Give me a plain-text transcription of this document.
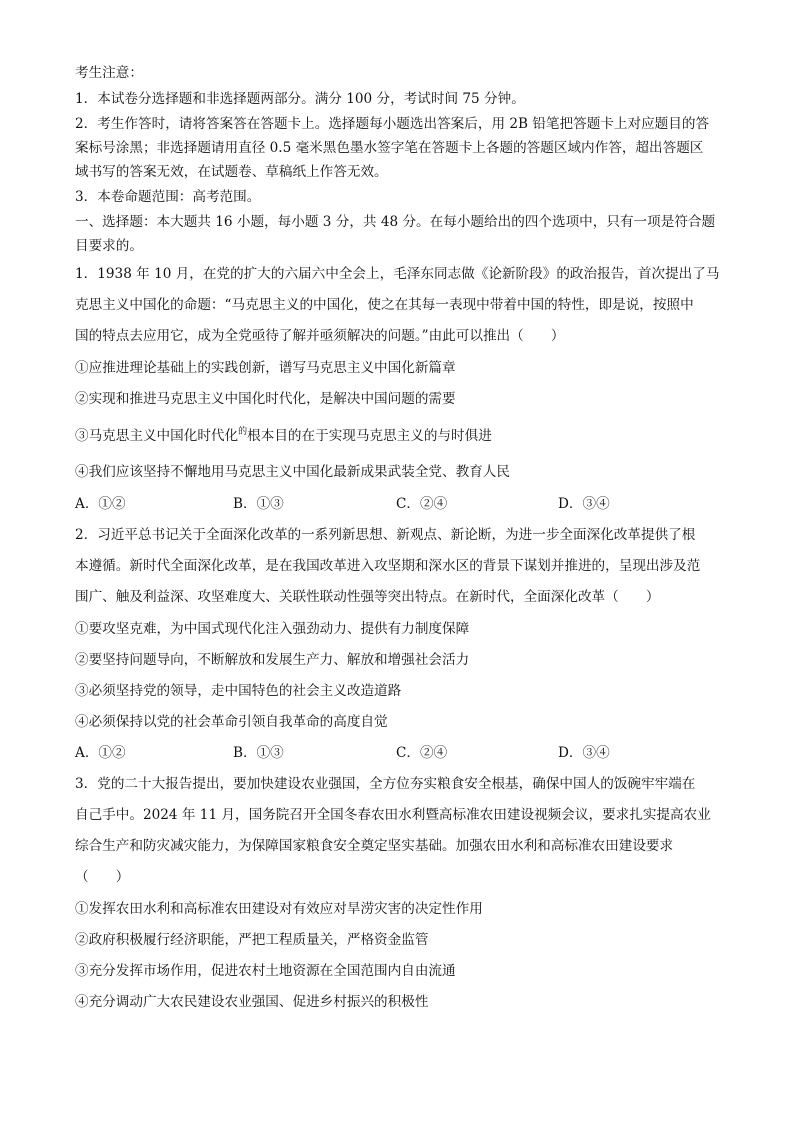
考生注意：
1．本试卷分选择题和非选择题两部分。满分 100 分，考试时间 75 分钟。
2．考生作答时，请将答案答在答题卡上。选择题每小题选出答案后，用 2B 铅笔把答题卡上对应题目的答
案标号涂黑；非选择题请用直径 0.5 毫米黑色墨水签字笔在答题卡上各题的答题区域内作答，超出答题区
域书写的答案无效，在试题卷、草稿纸上作答无效。
3．本卷命题范围：高考范围。
一、选择题：本大题共 16 小题，每小题 3 分，共 48 分。在每小题给出的四个选项中，只有一项是符合题
目要求的。
1．1938 年 10 月，在党的扩大的六届六中全会上，毛泽东同志做《论新阶段》的政治报告，首次提出了马
克思主义中国化的命题：“马克思主义的中国化，使之在其每一表现中带着中国的特性，即是说，按照中
国的特点去应用它，成为全党亟待了解并亟须解决的问题。”由此可以推出（　　）
①应推进理论基础上的实践创新，谱写马克思主义中国化新篇章
②实现和推进马克思主义中国化时代化，是解决中国问题的需要
③马克思主义中国化时代化$^的$根本目的在于实现马克思主义的与时俱进
④我们应该坚持不懈地用马克思主义中国化最新成果武装全党、教育人民
A．①②	B．①③	C．②④	D．③④
2．习近平总书记关于全面深化改革的一系列新思想、新观点、新论断，为进一步全面深化改革提供了根
本遵循。新时代全面深化改革，是在我国改革进入攻坚期和深水区的背景下谋划并推进的，呈现出涉及范
围广、触及利益深、攻坚难度大、关联性联动性强等突出特点。在新时代，全面深化改革（　　）
①要攻坚克难，为中国式现代化注入强劲动力、提供有力制度保障
②要坚持问题导向，不断解放和发展生产力、解放和增强社会活力
③必须坚持党的领导，走中国特色的社会主义改造道路
④必须保持以党的社会革命引领自我革命的高度自觉
A．①②	B．①③	C．②④	D．③④
3．党的二十大报告提出，要加快建设农业强国，全方位夯实粮食安全根基，确保中国人的饭碗牢牢端在
自己手中。2024 年 11 月，国务院召开全国冬春农田水利暨高标准农田建设视频会议，要求扎实提高农业
综合生产和防灾减灾能力，为保障国家粮食安全奠定坚实基础。加强农田水利和高标准农田建设要求
（　　）
①发挥农田水利和高标准农田建设对有效应对旱涝灾害的决定性作用
②政府积极履行经济职能，严把工程质量关，严格资金监管
③充分发挥市场作用，促进农村土地资源在全国范围内自由流通
④充分调动广大农民建设农业强国、促进乡村振兴的积极性
